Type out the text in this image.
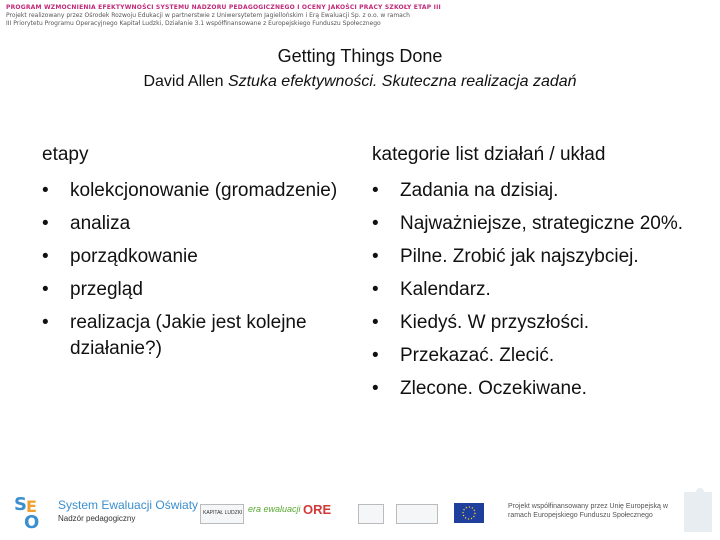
PROGRAM WZMOCNIENIA EFEKTYWNOŚCI SYSTEMU NADZORU PEDAGOGICZNEGO I OCENY JAKOŚCI PRACY SZKOŁY ETAP III
Projekt realizowany przez Ośrodek Rozwoju Edukacji w partnerstwie z Uniwersytetem Jagiellońskim i Erą Ewaluacji Sp. z o.o. w ramach
III Priorytetu Programu Operacyjnego Kapitał Ludzki, Działanie 3.1 współfinansowane z Europejskiego Funduszu Społecznego
Getting Things Done
David Allen Sztuka efektywności. Skuteczna realizacja zadań
etapy
• kolekcjonowanie (gromadzenie)
• analiza
• porządkowanie
• przegląd
• realizacja (Jakie jest kolejne działanie?)
kategorie list działań / układ
• Zadania na dzisiaj.
• Najważniejsze, strategiczne 20%.
• Pilne. Zrobić jak najszybciej.
• Kalendarz.
• Kiedyś. W przyszłości.
• Przekazać. Zlecić.
• Zlecone. Oczekiwane.
S
O
E System Ewaluacji Oświaty
Nadzór pedagogiczny
KAPITAŁ LUDZKI era ewaluacji ORE	Projekt współfinansowany przez Unię Europejską w ramach Europejskiego Funduszu Społecznego
